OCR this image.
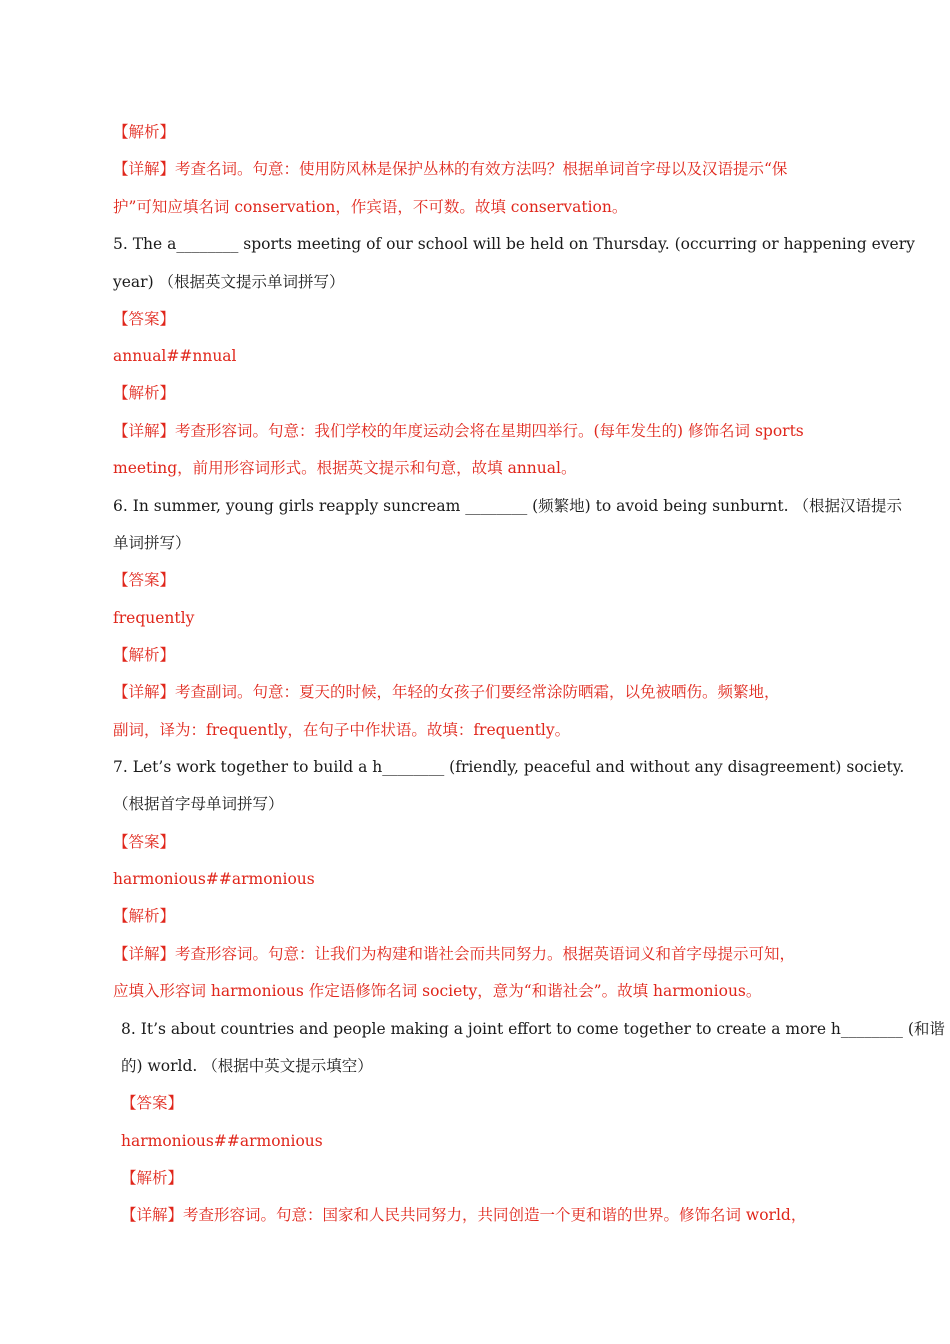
【解析】
【详解】考查名词。句意：使用防风林是保护丛林的有效方法吗？根据单词首字母以及汉语提示“保
护”可知应填名词 conservation，作宾语，不可数。故填 conservation。
5. The a________ sports meeting of our school will be held on Thursday. (occurring or happening every
year) （根据英文提示单词拼写）
【答案】
annual##nnual
【解析】
【详解】考查形容词。句意：我们学校的年度运动会将在星期四举行。(每年发生的) 修饰名词 sports
meeting，前用形容词形式。根据英文提示和句意，故填 annual。
6. In summer, young girls reapply suncream ________ (频繁地) to avoid being sunburnt. （根据汉语提示
单词拼写）
【答案】
frequently
【解析】
【详解】考查副词。句意：夏天的时候，年轻的女孩子们要经常涂防晒霜，以免被晒伤。频繁地，
副词，译为：frequently，在句子中作状语。故填：frequently。
7. Let’s work together to build a h________ (friendly, peaceful and without any disagreement) society.
（根据首字母单词拼写）
【答案】
harmonious##armonious
【解析】
【详解】考查形容词。句意：让我们为构建和谐社会而共同努力。根据英语词义和首字母提示可知，
应填入形容词 harmonious 作定语修饰名词 society，意为“和谐社会”。故填 harmonious。
8. It’s about countries and people making a joint effort to come together to create a more h________ (和谐
的) world. （根据中英文提示填空）
【答案】
harmonious##armonious
【解析】
【详解】考查形容词。句意：国家和人民共同努力，共同创造一个更和谐的世界。修饰名词 world，
